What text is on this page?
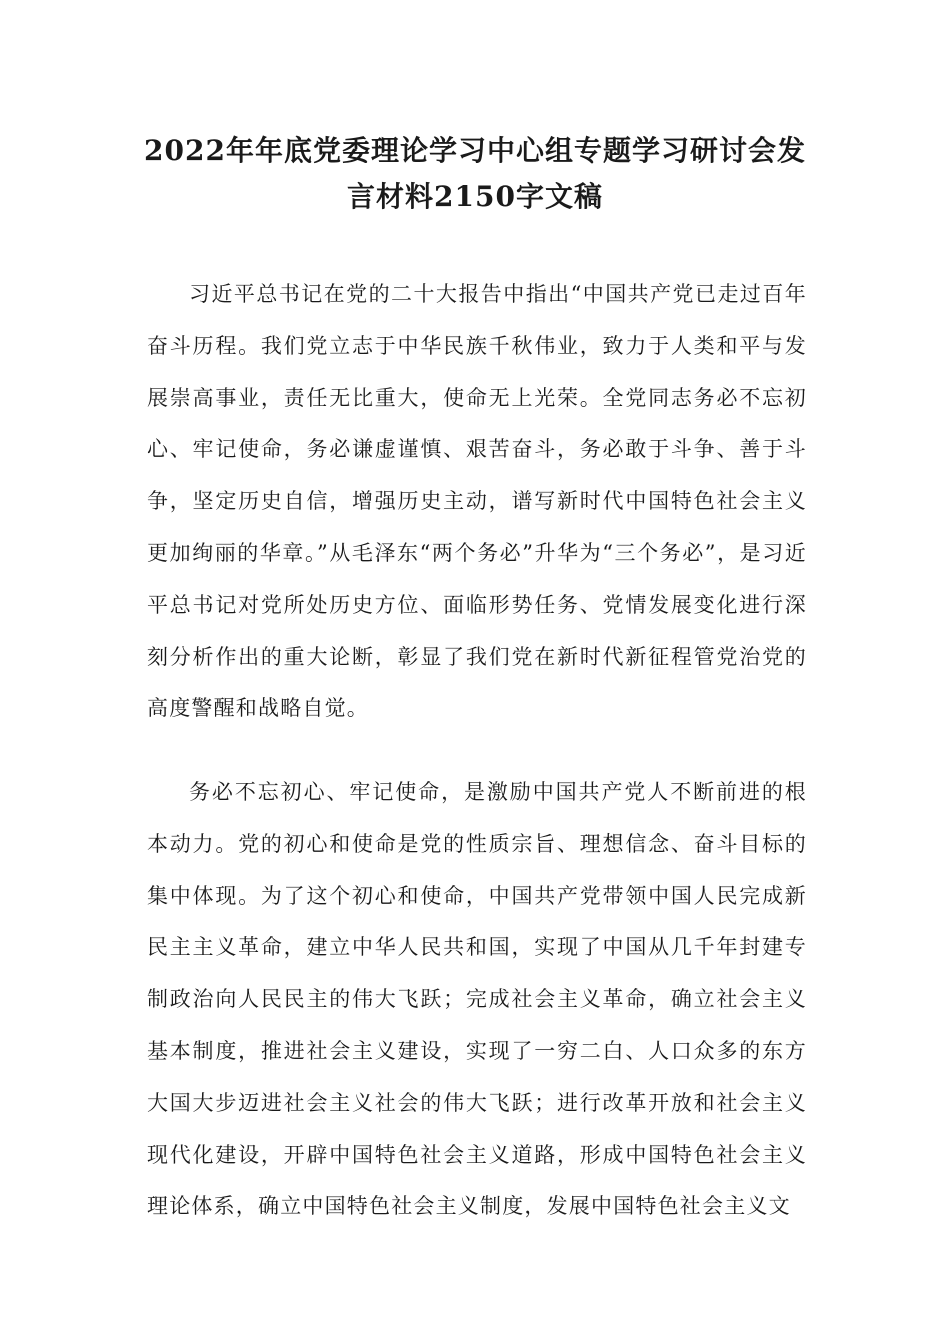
2022年年底党委理论学习中心组专题学习研讨会发
言材料2150字文稿

习近平总书记在党的二十大报告中指出“中国共产党已走过百年奋斗历程。我们党立志于中华民族千秋伟业，致力于人类和平与发展崇高事业，责任无比重大，使命无上光荣。全党同志务必不忘初心、牢记使命，务必谦虚谨慎、艰苦奋斗，务必敢于斗争、善于斗争，坚定历史自信，增强历史主动，谱写新时代中国特色社会主义更加绚丽的华章。”从毛泽东“两个务必”升华为“三个务必”，是习近平总书记对党所处历史方位、面临形势任务、党情发展变化进行深刻分析作出的重大论断，彰显了我们党在新时代新征程管党治党的高度警醒和战略自觉。

务必不忘初心、牢记使命，是激励中国共产党人不断前进的根本动力。党的初心和使命是党的性质宗旨、理想信念、奋斗目标的集中体现。为了这个初心和使命，中国共产党带领中国人民完成新民主主义革命，建立中华人民共和国，实现了中国从几千年封建专制政治向人民民主的伟大飞跃；完成社会主义革命，确立社会主义基本制度，推进社会主义建设，实现了一穷二白、人口众多的东方大国大步迈进社会主义社会的伟大飞跃；进行改革开放和社会主义现代化建设，开辟中国特色社会主义道路，形成中国特色社会主义理论体系，确立中国特色社会主义制度，发展中国特色社会主义文
